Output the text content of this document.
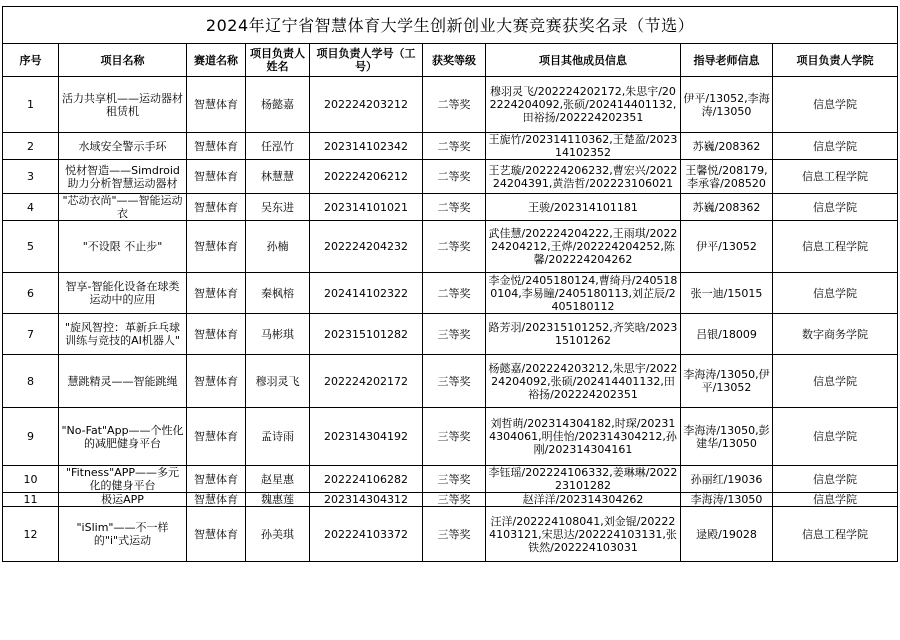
2024年辽宁省智慧体育大学生创新创业大赛竞赛获奖名录（节选）								
序号	项目名称	赛道名称	项目负责人姓名	项目负责人学号（工号）	获奖等级	项目其他成员信息	指导老师信息	项目负责人学院
1	活力共享机——运动器材租赁机	智慧体育	杨懿嘉	202224203212	二等奖	穆羽灵飞/202224202172,朱思宇/202224204092,张硕/202414401132,田裕扬/202224202351	伊平/13052,李海涛/13050	信息学院
2	水域安全警示手环	智慧体育	任泓竹	202314102342	二等奖	王旎竹/202314110362,王楚盈/202314102352	苏巍/208362	信息学院
3	悦材智造——Simdroid助力分析智慧运动器材	智慧体育	林慧慧	202224206212	二等奖	王艺璇/202224206232,曹宏兴/202224204391,黄浩哲/202223106021	王馨悦/208179,李承睿/208520	信息工程学院
4	"芯动衣尚"——智能运动衣	智慧体育	吴东进	202314101021	二等奖	王骏/202314101181	苏巍/208362	信息学院
5	"不设限 不止步"	智慧体育	孙楠	202224204232	二等奖	武佳慧/202224204222,王雨琪/202224204212,王烨/202224204252,陈馨/202224204262	伊平/13052	信息工程学院
6	智享-智能化设备在球类运动中的应用	智慧体育	秦枫榕	202414102322	二等奖	李金悦/2405180124,曹绮丹/2405180104,李易瞳/2405180113,刘芷辰/2405180112	张一迪/15015	信息学院
7	"旋风智控：革新乒乓球训练与竞技的AI机器人"	智慧体育	马彬琪	202315101282	三等奖	路芳羽/202315101252,齐笑晗/202315101262	吕银/18009	数字商务学院
8	慧跳精灵——智能跳绳	智慧体育	穆羽灵飞	202224202172	三等奖	杨懿嘉/202224203212,朱思宇/202224204092,张硕/202414401132,田裕扬/202224202351	李海涛/13050,伊平/13052	信息学院
9	"No-Fat"App——个性化的减肥健身平台	智慧体育	孟诗雨	202314304192	三等奖	刘哲萌/202314304182,时琛/202314304061,明佳怡/202314304212,孙刚/202314304161	李海涛/13050,彭建华/13050	信息学院
10	"Fitness"APP——多元化的健身平台	智慧体育	赵星惠	202224106282	三等奖	李钰瑶/202224106332,姜琳琳/202223101282	孙丽红/19036	信息学院
11	极运APP	智慧体育	魏惠莲	202314304312	三等奖	赵洋洋/202314304262	李海涛/13050	信息学院
12	"iSlim"——不一样的"i"式运动	智慧体育	孙美琪	202224103372	三等奖	汪洋/202224108041,刘金锟/202224103121,宋思达/202224103131,张铁然/202224103031	逯殿/19028	信息工程学院
